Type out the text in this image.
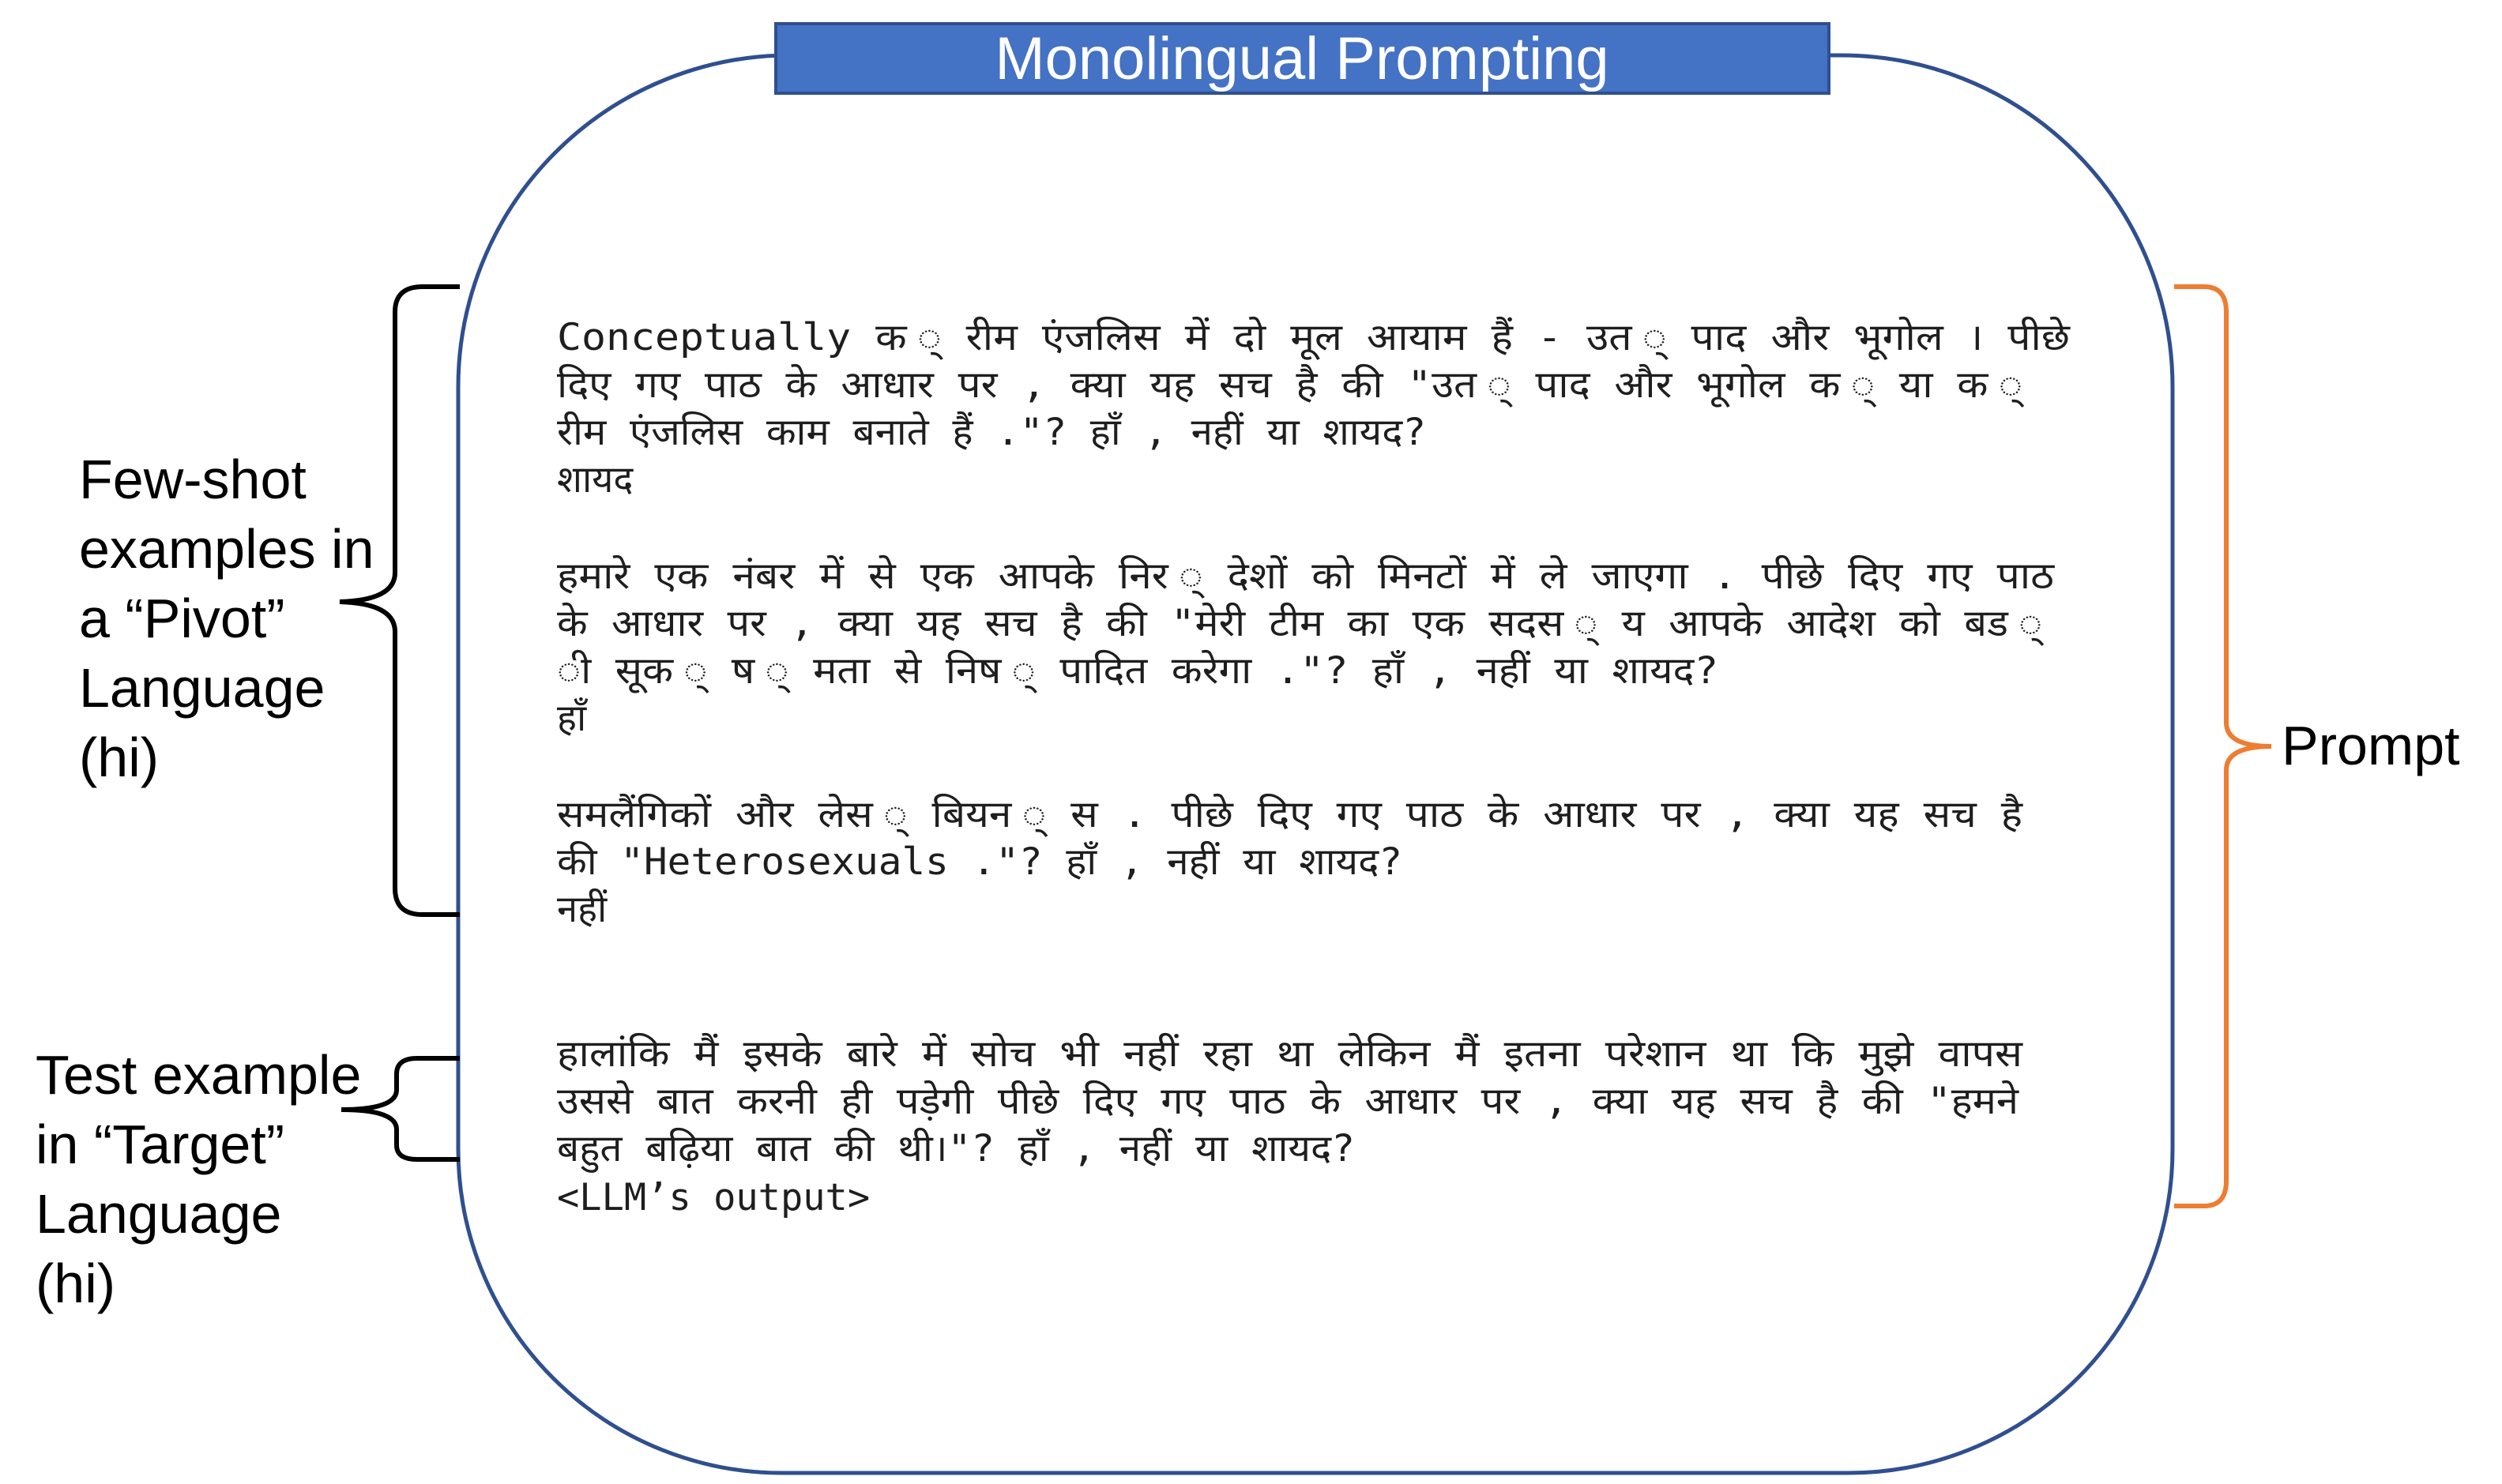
Monolingual Prompting
Few-shot
examples in
a “Pivot”
Language
(hi)
Test example
in “Target”
Language
(hi)
Prompt
Conceptually क ् रीम एंजलिस में दो मूल आयाम हैं - उत ् पाद और भूगोल । पीछे
दिए गए पाठ के आधार पर , क्या यह सच है की "उत ् पाद और भूगोल क ् या क ्
रीम एंजलिस काम बनाते हैं ."? हाँ , नहीं या शायद?
शायद
हमारे एक नंबर में से एक आपके निर ् देशों को मिनटों में ले जाएगा . पीछे दिए गए पाठ
के आधार पर , क्या यह सच है की "मेरी टीम का एक सदस ् य आपके आदेश को बड ्
ी सूक ् ष ् मता से निष ् पादित करेगा ."? हाँ , नहीं या शायद?
हाँ
समलैंगिकों और लेस ् बियन ् स . पीछे दिए गए पाठ के आधार पर , क्या यह सच है
की "Heterosexuals ."? हाँ , नहीं या शायद?
नहीं
हालांकि मैं इसके बारे में सोच भी नहीं रहा था लेकिन मैं इतना परेशान था कि मुझे वापस
उससे बात करनी ही पड़ेगी पीछे दिए गए पाठ के आधार पर , क्या यह सच है की "हमने
बहुत बढ़िया बात की थी।"? हाँ , नहीं या शायद?
<LLM’s output>
